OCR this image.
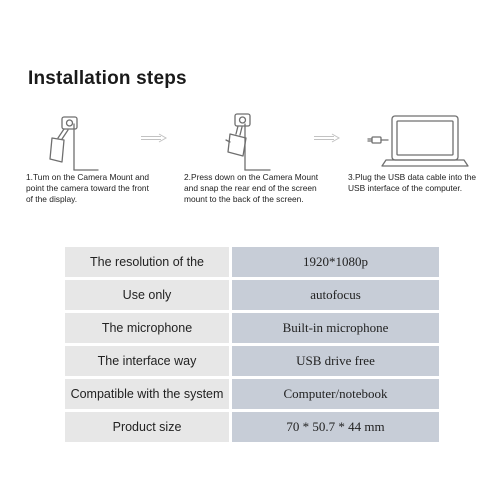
Installation steps
1.Tum on the Camera Mount and
point the camera toward the front
of the display.
2.Press down on the Camera Mount
and snap the rear end of the screen
mount to the back of the screen.
3.Plug the USB data cable into the
USB interface of the computer.
The resolution of the	1920*1080p
Use only	autofocus
The microphone	Built-in microphone
The interface way	USB drive free
Compatible with the system	Computer/notebook
Product size	70 * 50.7 * 44 mm
